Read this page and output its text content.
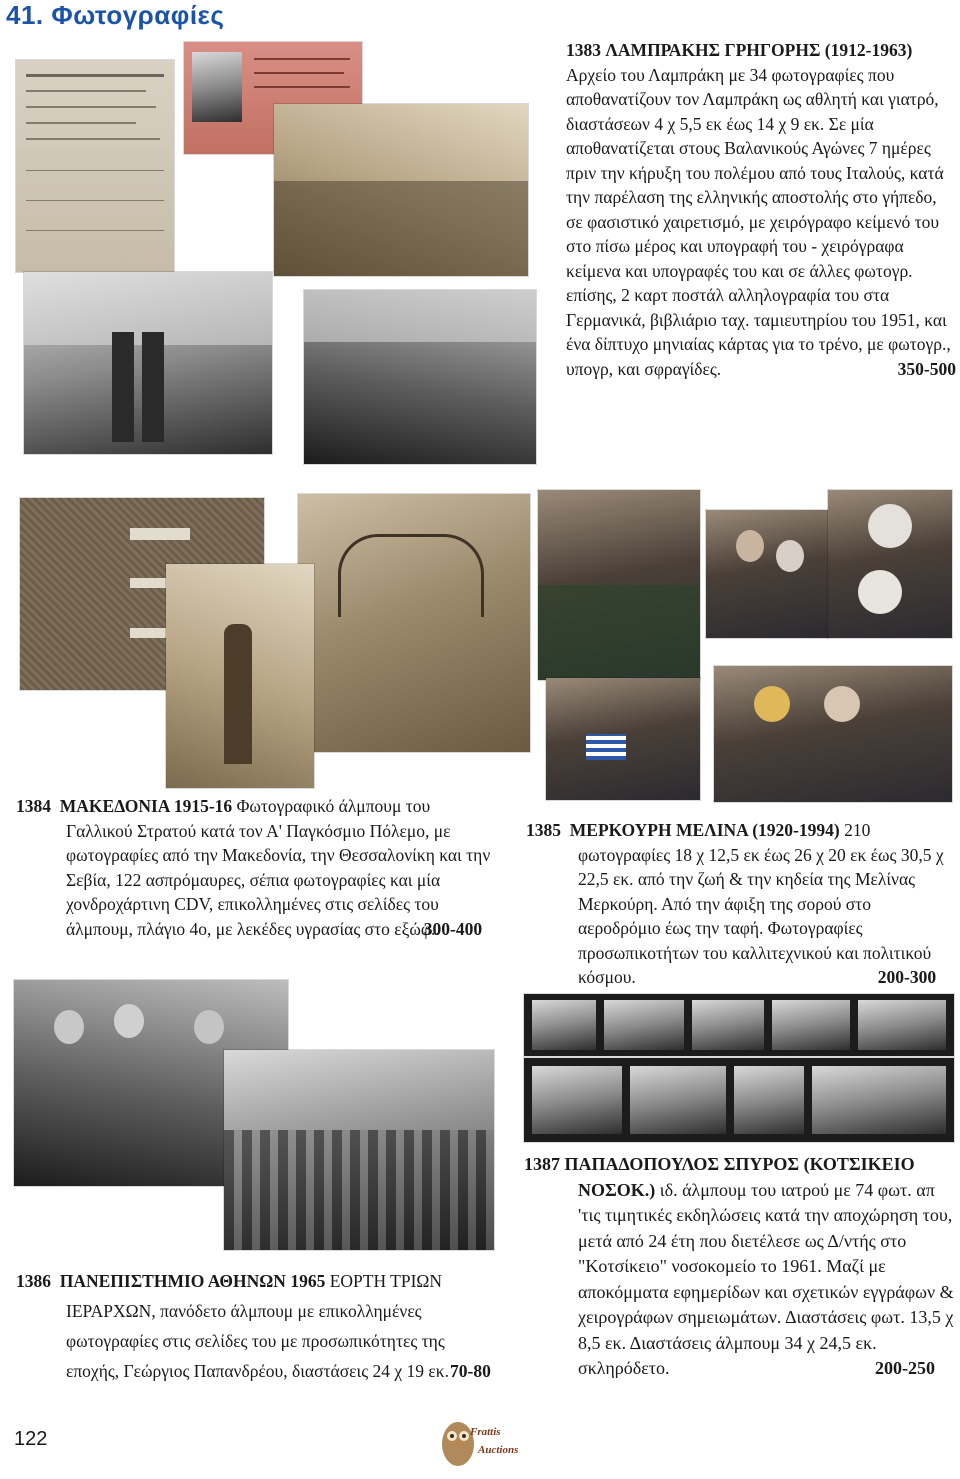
41. Φωτογραφίες

1383 ΛΑΜΠΡΑΚΗΣ ΓΡΗΓΟΡΗΣ (1912-1963) Αρχείο του Λαμπράκη με 34 φωτογραφίες που αποθανατίζουν τον Λαμπράκη ως αθλητή και γιατρό, διαστάσεων 4 χ 5,5 εκ έως 14 χ 9 εκ. Σε μία αποθανατίζεται στους Βαλανικούς Αγώνες 7 ημέρες πριν την κήρυξη του πολέμου από τους Ιταλούς, κατά την παρέλαση της ελληνικής αποστολής στο γήπεδο, σε φασιστικό χαιρετισμό, με χειρόγραφο κείμενό του στο πίσω μέρος και υπογραφή του - χειρόγραφα κείμενα και υπογραφές του και σε άλλες φωτογρ. επίσης, 2 καρτ ποστάλ αλληλογραφία του στα Γερμανικά, βιβλιάριο ταχ. ταμιευτηρίου του 1951, και ένα δίπτυχο μηνιαίας κάρτας για το τρένο, με φωτογρ., υπογρ, και σφραγίδες.	350-500

1384 ΜΑΚΕΔΟΝΙΑ 1915-16 Φωτογραφικό άλμπουμ του Γαλλικού Στρατού κατά τον Α' Παγκόσμιο Πόλεμο, με φωτογραφίες από την Μακεδονία, την Θεσσαλονίκη και την Σεβία, 122 ασπρόμαυρες, σέπια φωτογραφίες και μία χονδροχάρτινη CDV, επικολλημένες στις σελίδες του άλμπουμ, πλάγιο 4ο, με λεκέδες υγρασίας στο εξώφ..
300-400

1385 ΜΕΡΚΟΥΡΗ ΜΕΛΙΝΑ (1920-1994) 210 φωτογραφίες 18 χ 12,5 εκ έως 26 χ 20 εκ έως 30,5 χ 22,5 εκ. από την ζωή & την κηδεία της Μελίνας Μερκούρη. Από την άφιξη της σορού στο αεροδρόμιο έως την ταφή. Φωτογραφίες προσωπικοτήτων του καλλιτεχνικού και πολιτικού κόσμου.	200-300

1386 ΠΑΝΕΠΙΣΤΗΜΙΟ ΑΘΗΝΩΝ 1965 ΕΟΡΤΗ ΤΡΙΩΝ ΙΕΡΑΡΧΩΝ, πανόδετο άλμπουμ με επικολλημένες φωτογραφίες στις σελίδες του με προσωπικότητες της εποχής, Γεώργιος Παπανδρέου, διαστάσεις 24 χ 19 εκ. 70-80

1387 ΠΑΠΑΔΟΠΟΥΛΟΣ ΣΠΥΡΟΣ (ΚΟΤΣΙΚΕΙΟ ΝΟΣΟΚ.) ιδ. άλμπουμ του ιατρού με 74 φωτ. απ 'τις τιμητικές εκδηλώσεις κατά την αποχώρηση του, μετά από 24 έτη που διετέλεσε ως Δ/ντής στο "Κοτσίκειο" νοσοκομείο το 1961. Μαζί με αποκόμματα εφημερίδων και σχετικών εγγράφων & χειρογράφων σημειωμάτων. Διαστάσεις φωτ. 13,5 χ 8,5 εκ. Διαστάσεις άλμπουμ 34 χ 24,5 εκ. σκληρόδετο.	200-250

122	Frattis
Auctions
